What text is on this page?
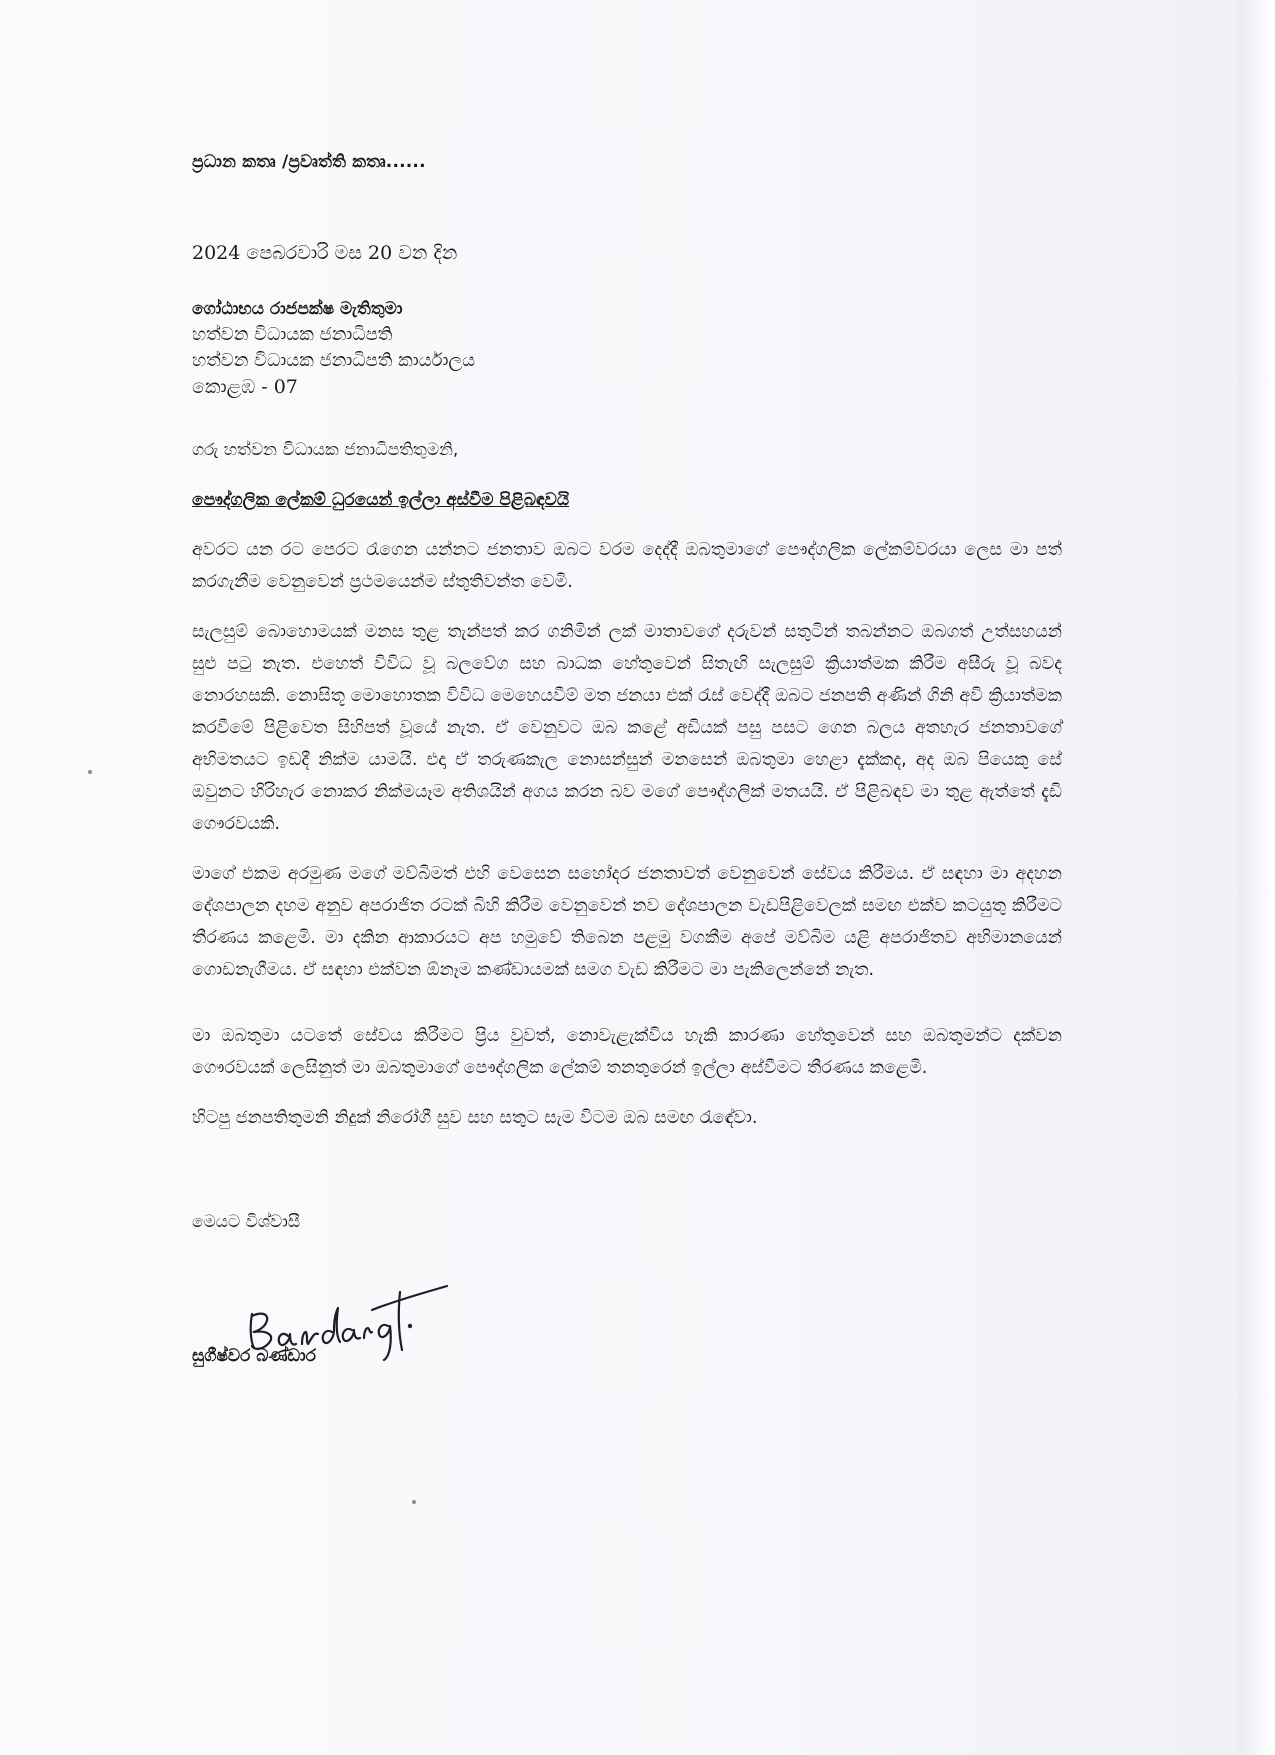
ප්‍රධාන කතෘ /ප්‍රවෘත්ති කතෘ......
2024 පෙබරවාරි මස 20 වන දින
ගෝඨාභය රාජපක්ෂ මැතිතුමා
හත්වන විධායක ජනාධිපති
හත්වන විධායක ජනාධිපති කාර්යාලය
කොළඹ - 07
ගරු හත්වන විධායක ජනාධිපතිතුමනි,
පෞද්ගලික ලේකම් ධුරයෙන් ඉල්ලා අස්වීම පිළිබඳවයි

අවරට යන රට පෙරට රැගෙන යන්නට ජනතාව ඔබට වරම දෙද්දී ඔබතුමාගේ පෞද්ගලික ලේකම්වරයා ලෙස මා පත් කරගැනීම වෙනුවෙන් ප්‍රථමයෙන්ම ස්තුතිවන්ත වෙමි.

සැලසුම් බොහොමයක් මනස තුළ තැන්පත් කර ගනිමින් ලක් මාතාවගේ දරුවන් සතුටින් තබන්නට ඔබගත් උත්සහයන් සුළු පටු නැත. එහෙත් විවිධ වූ බලවේග සහ බාධක හේතුවෙන් සිතැඟි සැලසුම් ක්‍රියාත්මක කිරීම අසීරු වූ බවද නොරහසකි. නොසිතූ මොහොතක විවිධ මෙහෙයවීම් මත ජනයා එක් රැස් වෙද්දී ඔබට ජනපති අණින් ගිනි අවි ක්‍රියාත්මක කරවීමේ පිළිවෙත සිහිපත් වූයේ නැත. ඒ වෙනුවට ඔබ කළේ අඩියක් පසු පසට ගෙන බලය අතහැර ජනතාවගේ අභිමතයට ඉඩදී නික්ම යාමයි. එදා ඒ තරුණකැල නොසන්සුන් මනසෙන් ඔබතුමා හෙළා දැක්කද, අද ඔබ පියෙකු සේ ඔවුනට හිරිහැර නොකර නික්මයෑම අතිශයින් අගය කරන බව මගේ පෞද්ගලික් මතයයි. ඒ පිළිබඳව මා තුළ ඇත්තේ දැඩි ගෞරවයකි.

මාගේ එකම අරමුණ මගේ මව්බිමත් එහි වෙසෙන සහෝදර ජනතාවත් වෙනුවෙන් සේවය කිරීමය. ඒ සඳහා මා අදහන දේශපාලන දහම අනුව අපරාජිත රටක් බිහි කිරීම වෙනුවෙන් නව දේශපාලන වැඩපිළිවෙලක් සමඟ එක්ව කටයුතු කිරීමට තීරණය කළෙමි. මා දකින ආකාරයට අප හමුවේ තිබෙන පළමු වගකීම අපේ මව්බිම යළි අපරාජිතව අභිමානයෙන් ගොඩනැගීමය. ඒ සඳහා එක්වන ඕනෑම කණ්ඩායමක් සමග වැඩ කිරීමට මා පැකිලෙන්නේ නැත.

මා ඔබතුමා යටතේ සේවය කිරීමට ප්‍රිය වුවත්, නොවැළැක්විය හැකි කාරණා හේතුවෙන් සහ ඔබතුමන්ට දක්වන ගෞරවයක් ලෙසිනුත් මා ඔබතුමාගේ පෞද්ගලික ලේකම් තනතුරෙන් ඉල්ලා අස්වීමට තීරණය කළෙමි.

හිටපු ජනපතිතුමනි නිදුක් නිරෝගී සුව සහ සතුට සැම විටම ඔබ සමඟ රැඳේවා.

මෙයට විශ්වාසී
සුගීෂ්වර බණ්ඩාර
